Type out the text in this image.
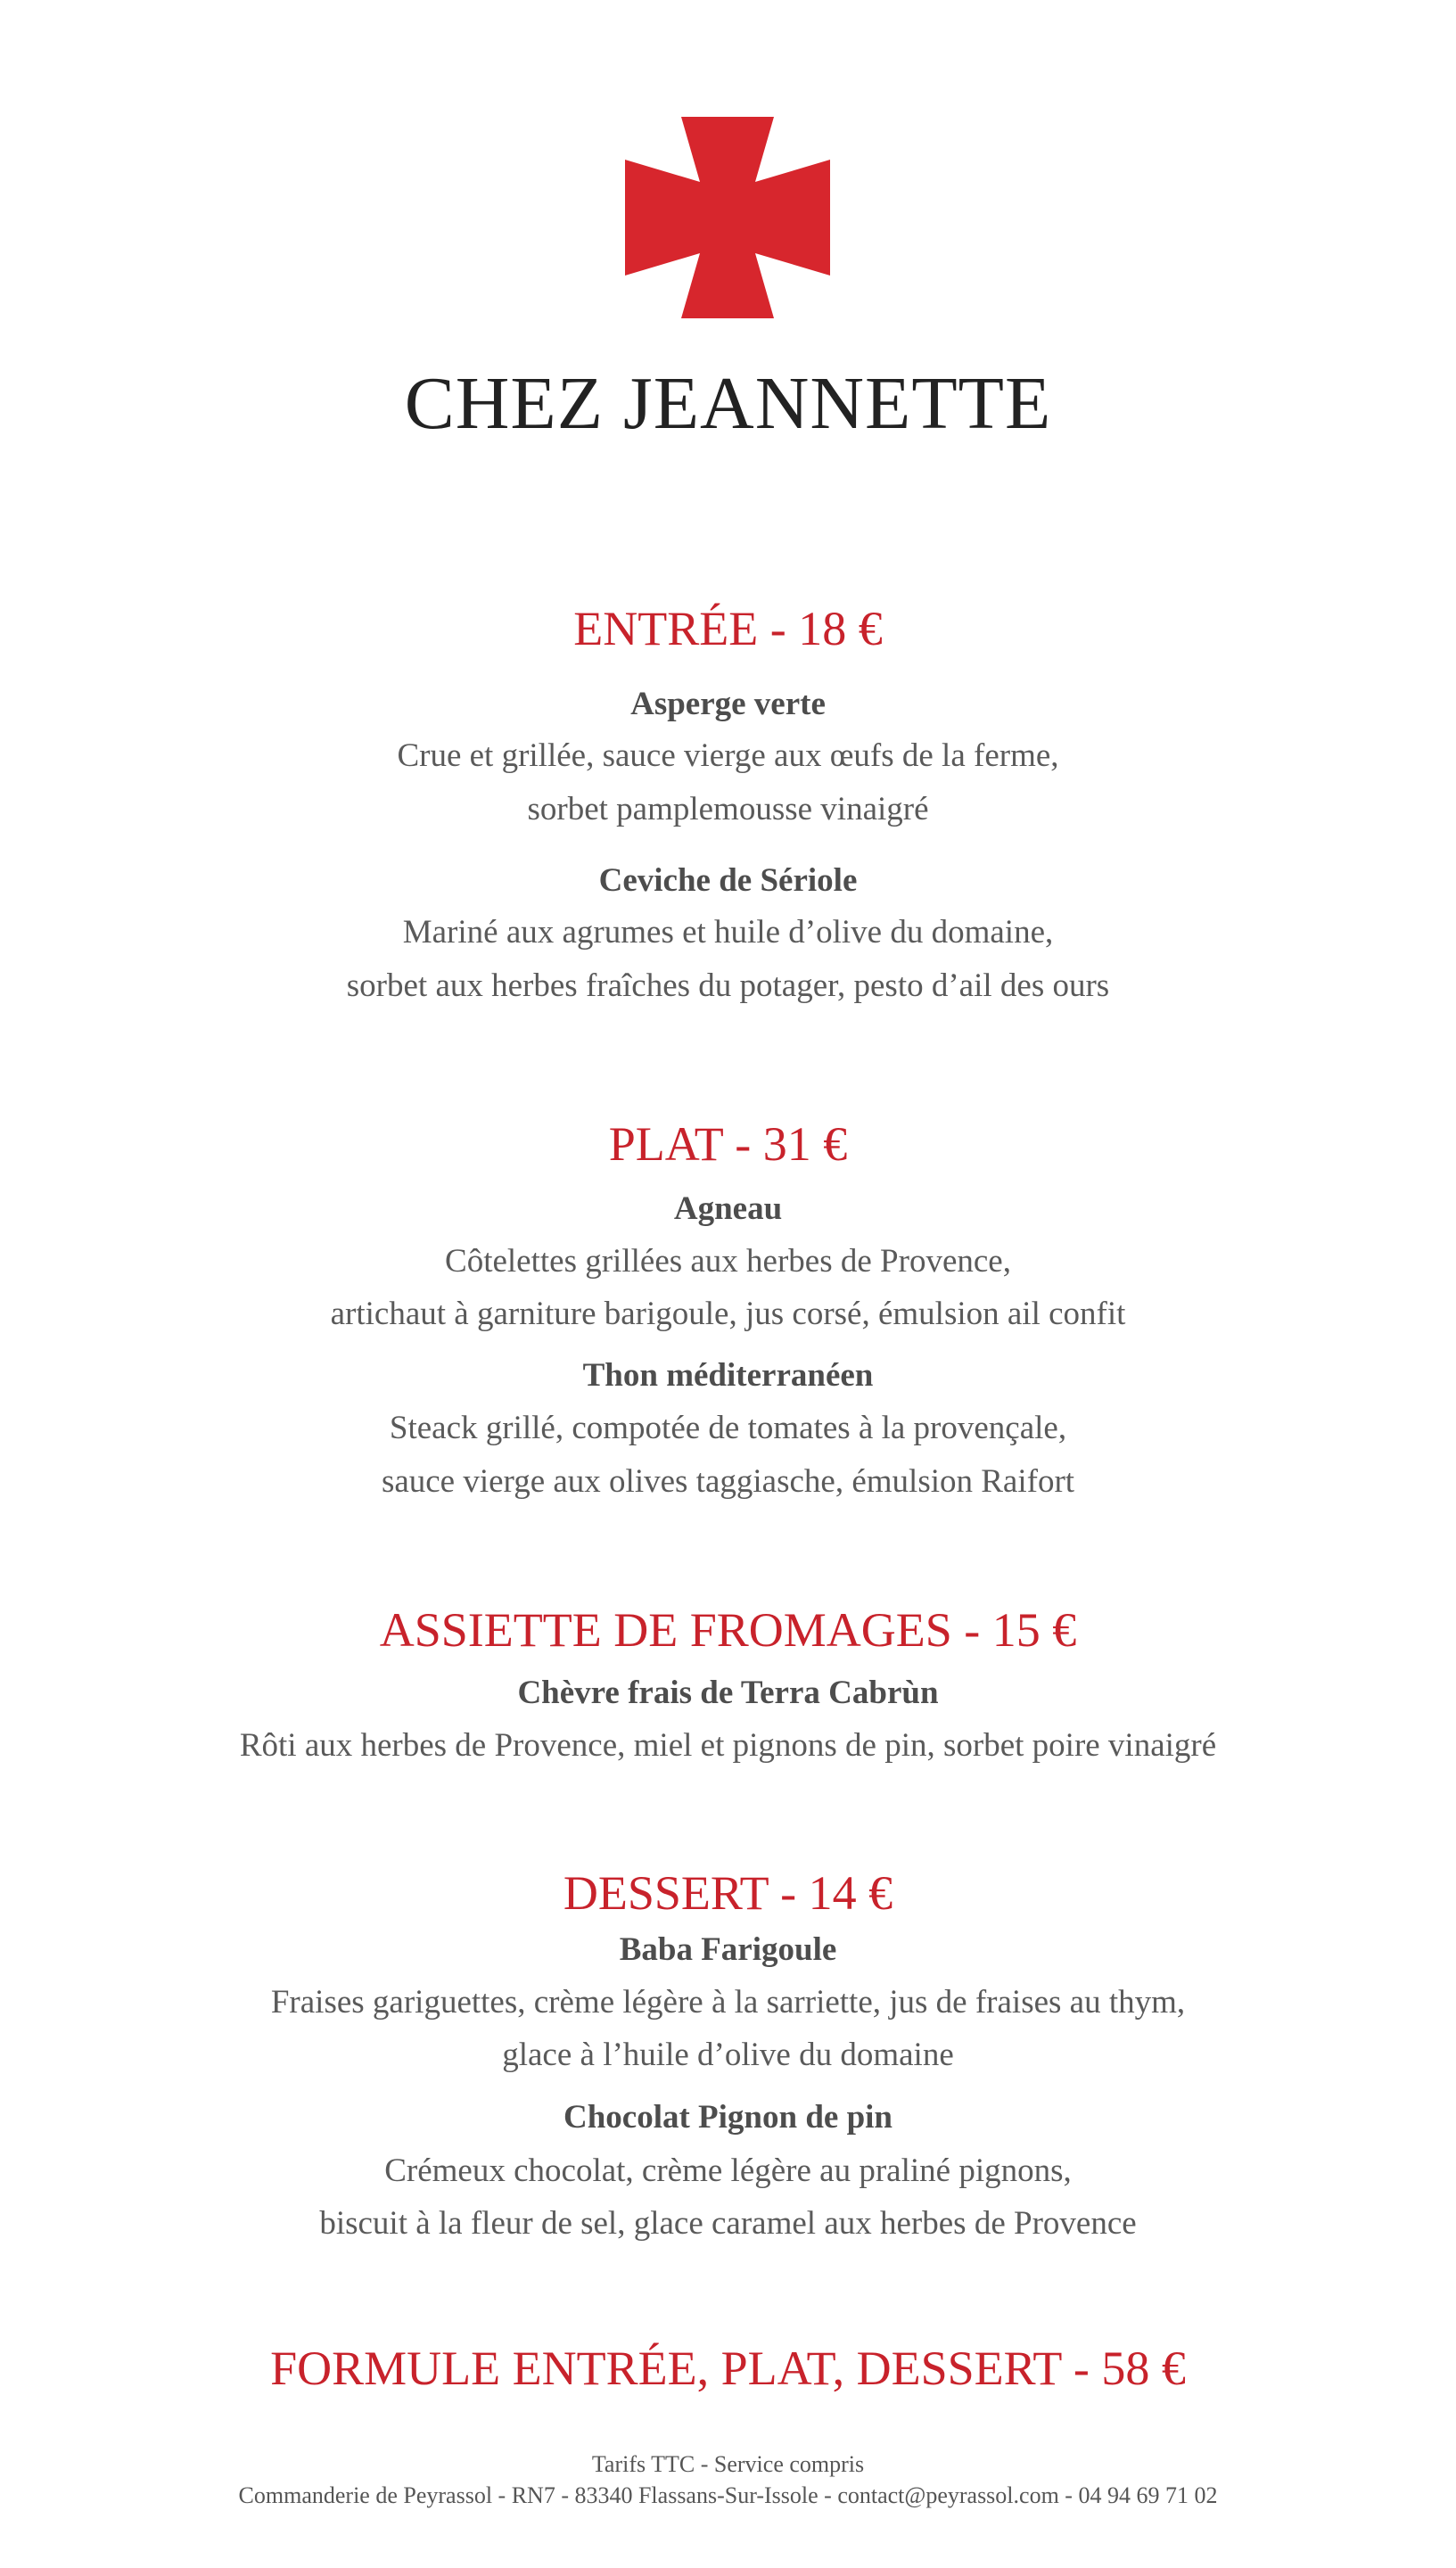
CHEZ JEANNETTE
ENTRÉE - 18 €
Asperge verte
Crue et grillée, sauce vierge aux œufs de la ferme,
sorbet pamplemousse vinaigré
Ceviche de Sériole
Mariné aux agrumes et huile d’olive du domaine,
sorbet aux herbes fraîches du potager, pesto d’ail des ours
PLAT - 31 €
Agneau
Côtelettes grillées aux herbes de Provence,
artichaut à garniture barigoule, jus corsé, émulsion ail confit
Thon méditerranéen
Steack grillé, compotée de tomates à la provençale,
sauce vierge aux olives taggiasche, émulsion Raifort
ASSIETTE DE FROMAGES - 15 €
Chèvre frais de Terra Cabrùn
Rôti aux herbes de Provence, miel et pignons de pin, sorbet poire vinaigré
DESSERT - 14 €
Baba Farigoule
Fraises gariguettes, crème légère à la sarriette, jus de fraises au thym,
glace à l’huile d’olive du domaine
Chocolat Pignon de pin
Crémeux chocolat, crème légère au praliné pignons,
biscuit à la fleur de sel, glace caramel aux herbes de Provence
FORMULE ENTRÉE, PLAT, DESSERT - 58 €
Tarifs TTC - Service compris
Commanderie de Peyrassol - RN7 - 83340 Flassans-Sur-Issole - contact@peyrassol.com - 04 94 69 71 02
